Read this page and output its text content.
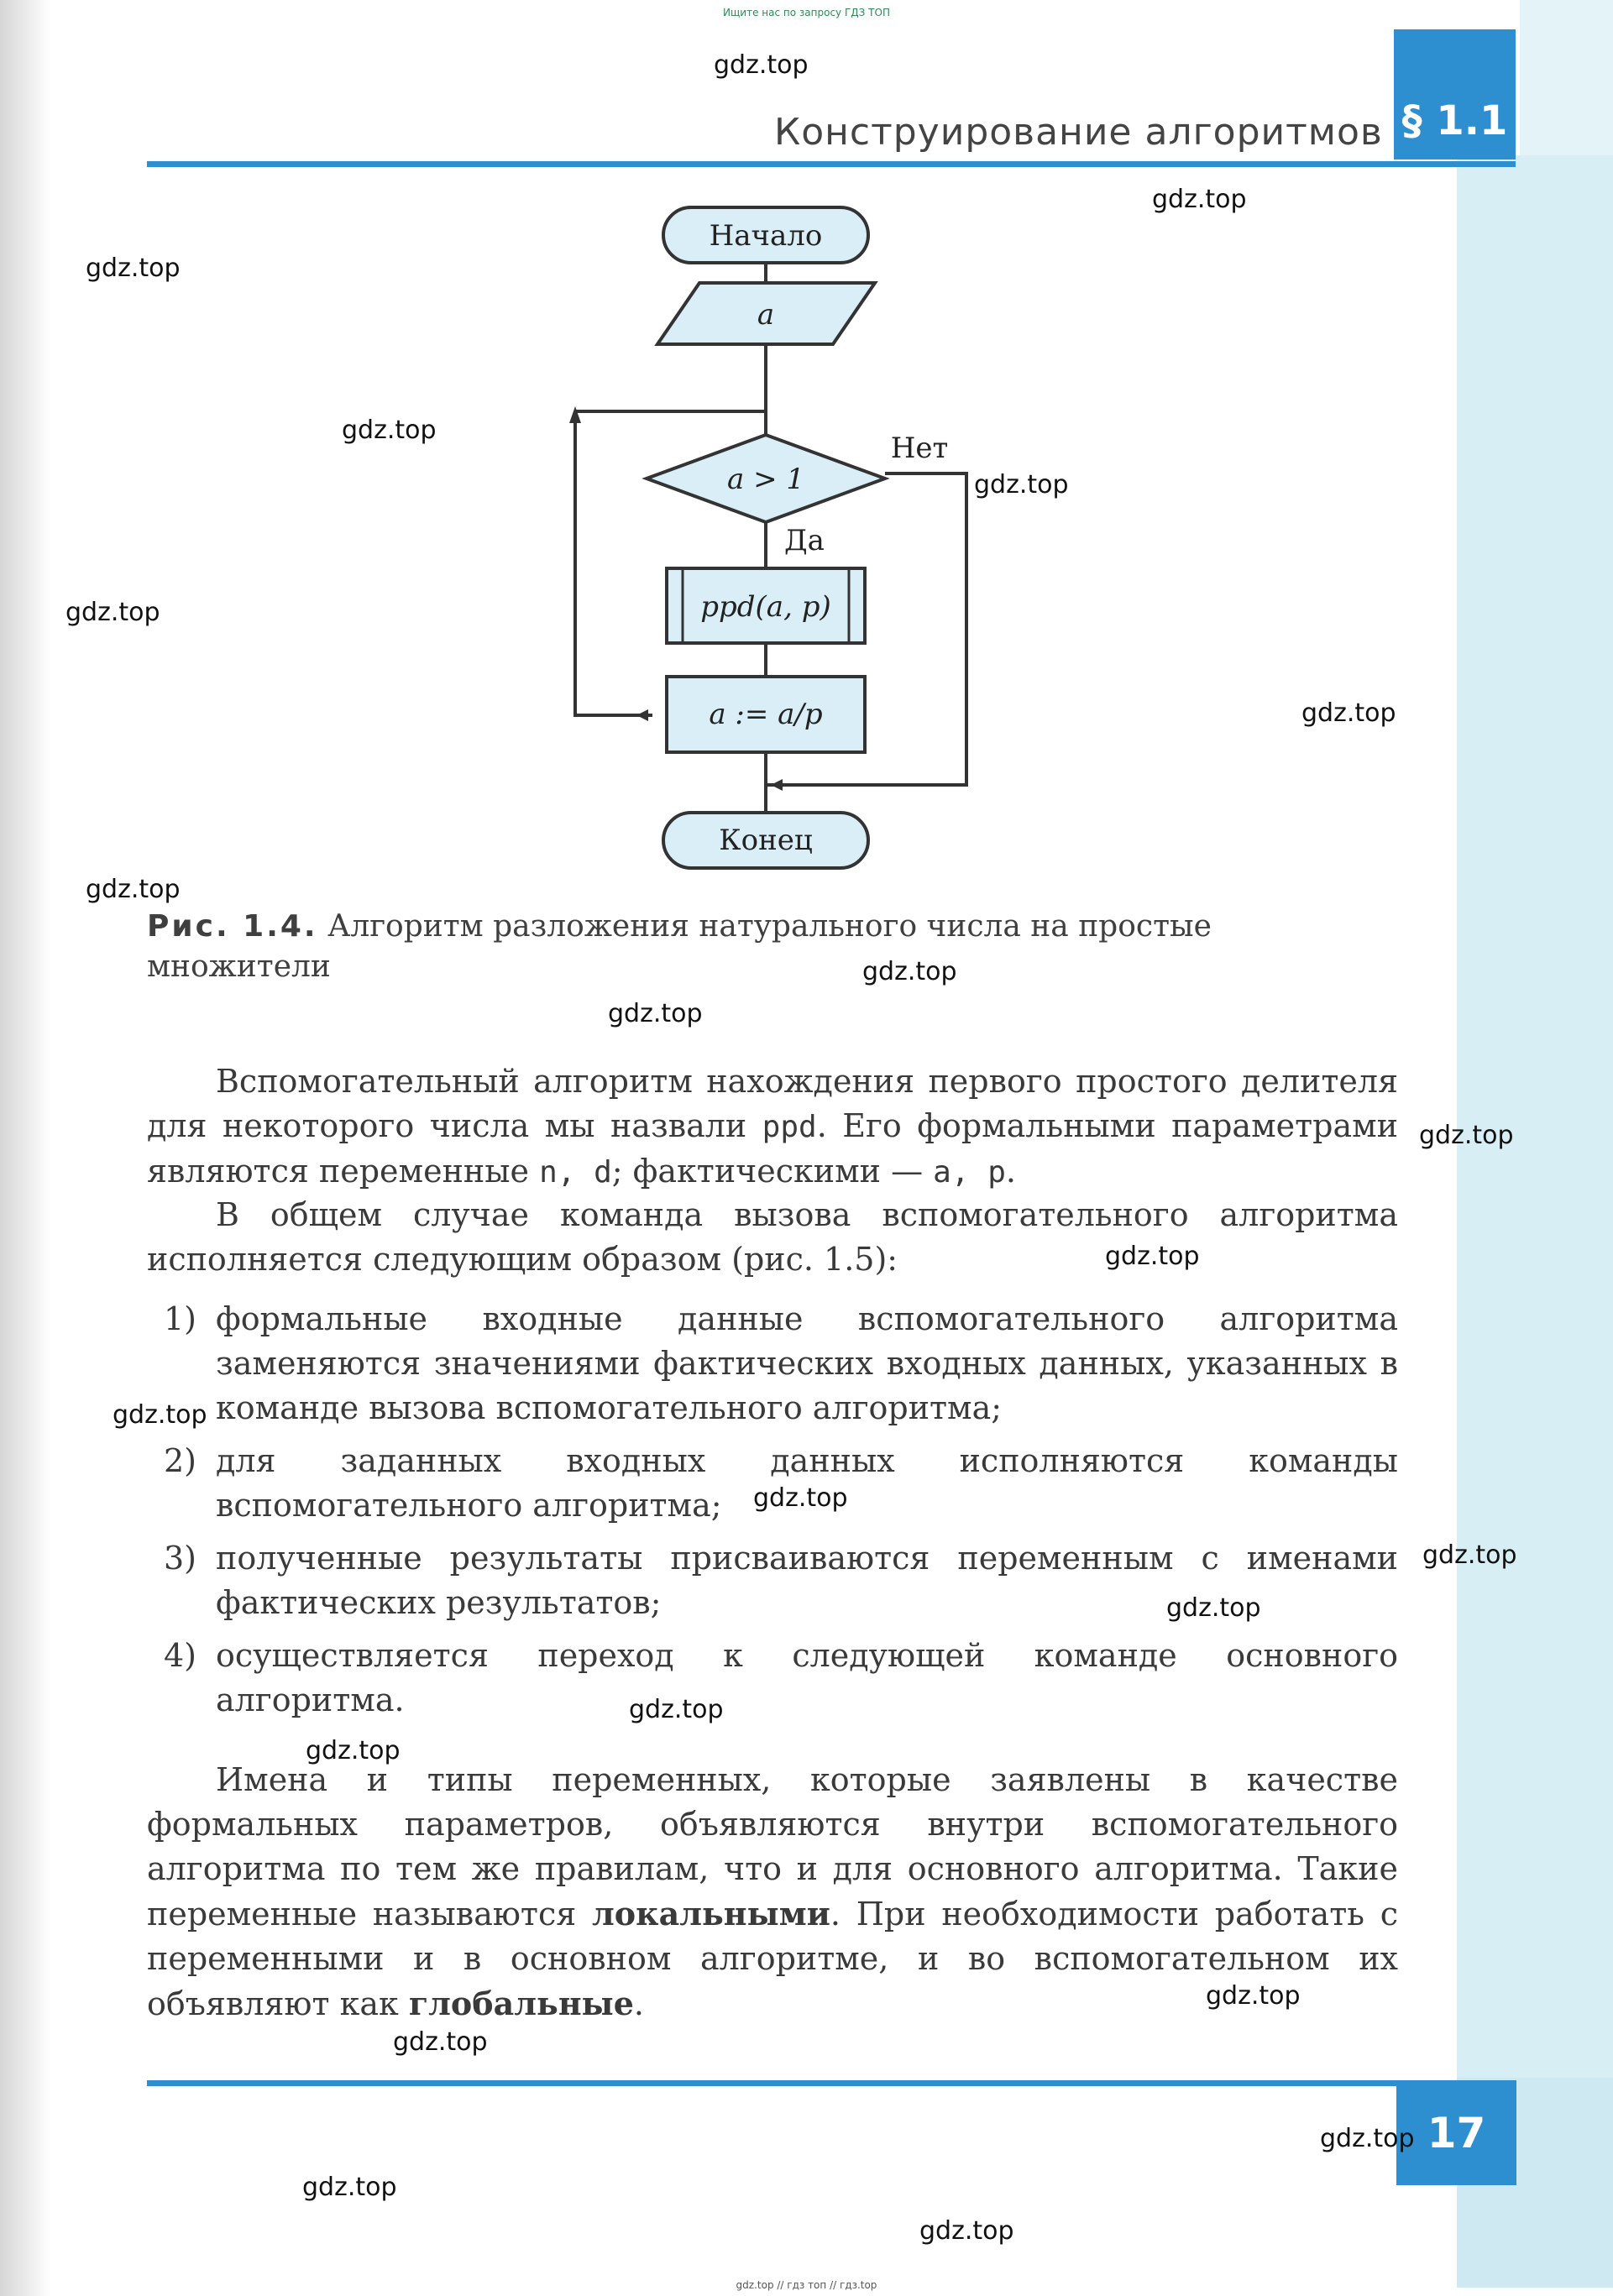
Ищите нас по запросу ГДЗ ТОП
Конструирование алгоритмов § 1.1
Начало
a
a > 1
ppd(a, p)
a := a/p
Конец
Нет
Да
Рис. 1.4. Алгоритм разложения натурального числа на простые множители

Вспомогательный алгоритм нахождения первого простого делителя для некоторого числа мы назвали ppd. Его формальными параметрами являются переменные n, d; фактическими — a, p.

В общем случае команда вызова вспомогательного алгоритма исполняется следующим образом (рис. 1.5):

1) формальные входные данные вспомогательного алгоритма заменяются значениями фактических входных данных, указанных в команде вызова вспомогательного алгоритма;
2) для заданных входных данных исполняются команды вспомогательного алгоритма;
3) полученные результаты присваиваются переменным с именами фактических результатов;
4) осуществляется переход к следующей команде основного алгоритма.

Имена и типы переменных, которые заявлены в качестве формальных параметров, объявляются внутри вспомогательного алгоритма по тем же правилам, что и для основного алгоритма. Такие переменные называются локальными. При необходимости работать с переменными и в основном алгоритме, и во вспомогательном их объявляют как глобальные.

17
gdz.top
gdz.top
gdz.top
gdz.top
gdz.top
gdz.top
gdz.top
gdz.top
gdz.top
gdz.top
gdz.top
gdz.top
gdz.top
gdz.top
gdz.top
gdz.top
gdz.top
gdz.top
gdz.top
gdz.top
gdz.top
gdz.top
gdz.top
gdz.top // гдз топ // гдз.top
